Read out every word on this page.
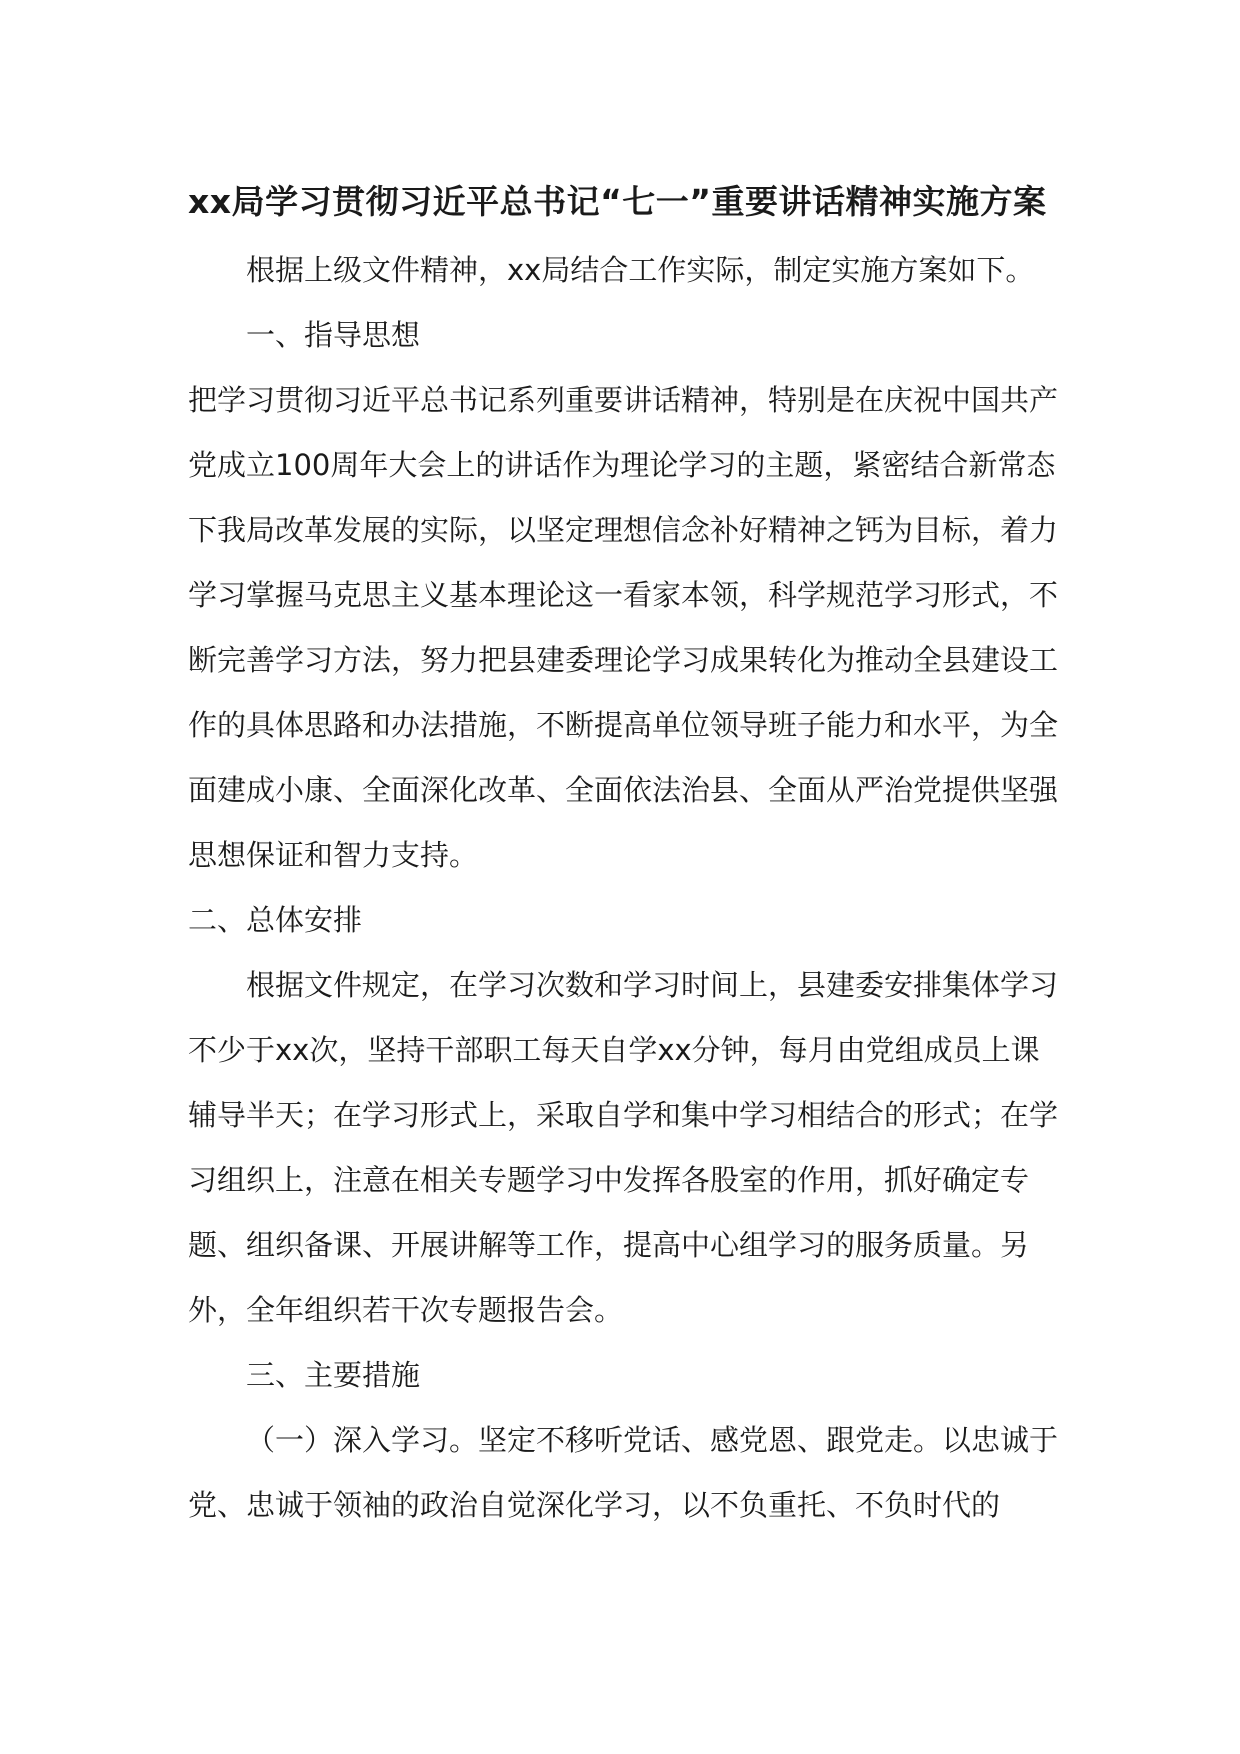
xx局学习贯彻习近平总书记“七一”重要讲话精神实施方案

根据上级文件精神，xx局结合工作实际，制定实施方案如下。

一、指导思想

把学习贯彻习近平总书记系列重要讲话精神，特别是在庆祝中国共产党成立100周年大会上的讲话作为理论学习的主题，紧密结合新常态下我局改革发展的实际，以坚定理想信念补好精神之钙为目标，着力学习掌握马克思主义基本理论这一看家本领，科学规范学习形式，不断完善学习方法，努力把县建委理论学习成果转化为推动全县建设工作的具体思路和办法措施，不断提高单位领导班子能力和水平，为全面建成小康、全面深化改革、全面依法治县、全面从严治党提供坚强思想保证和智力支持。

二、总体安排

根据文件规定，在学习次数和学习时间上，县建委安排集体学习不少于xx次，坚持干部职工每天自学xx分钟，每月由党组成员上课辅导半天；在学习形式上，采取自学和集中学习相结合的形式；在学习组织上，注意在相关专题学习中发挥各股室的作用，抓好确定专题、组织备课、开展讲解等工作，提高中心组学习的服务质量。另外，全年组织若干次专题报告会。

三、主要措施

（一）深入学习。坚定不移听党话、感党恩、跟党走。以忠诚于党、忠诚于领袖的政治自觉深化学习，以不负重托、不负时代的
